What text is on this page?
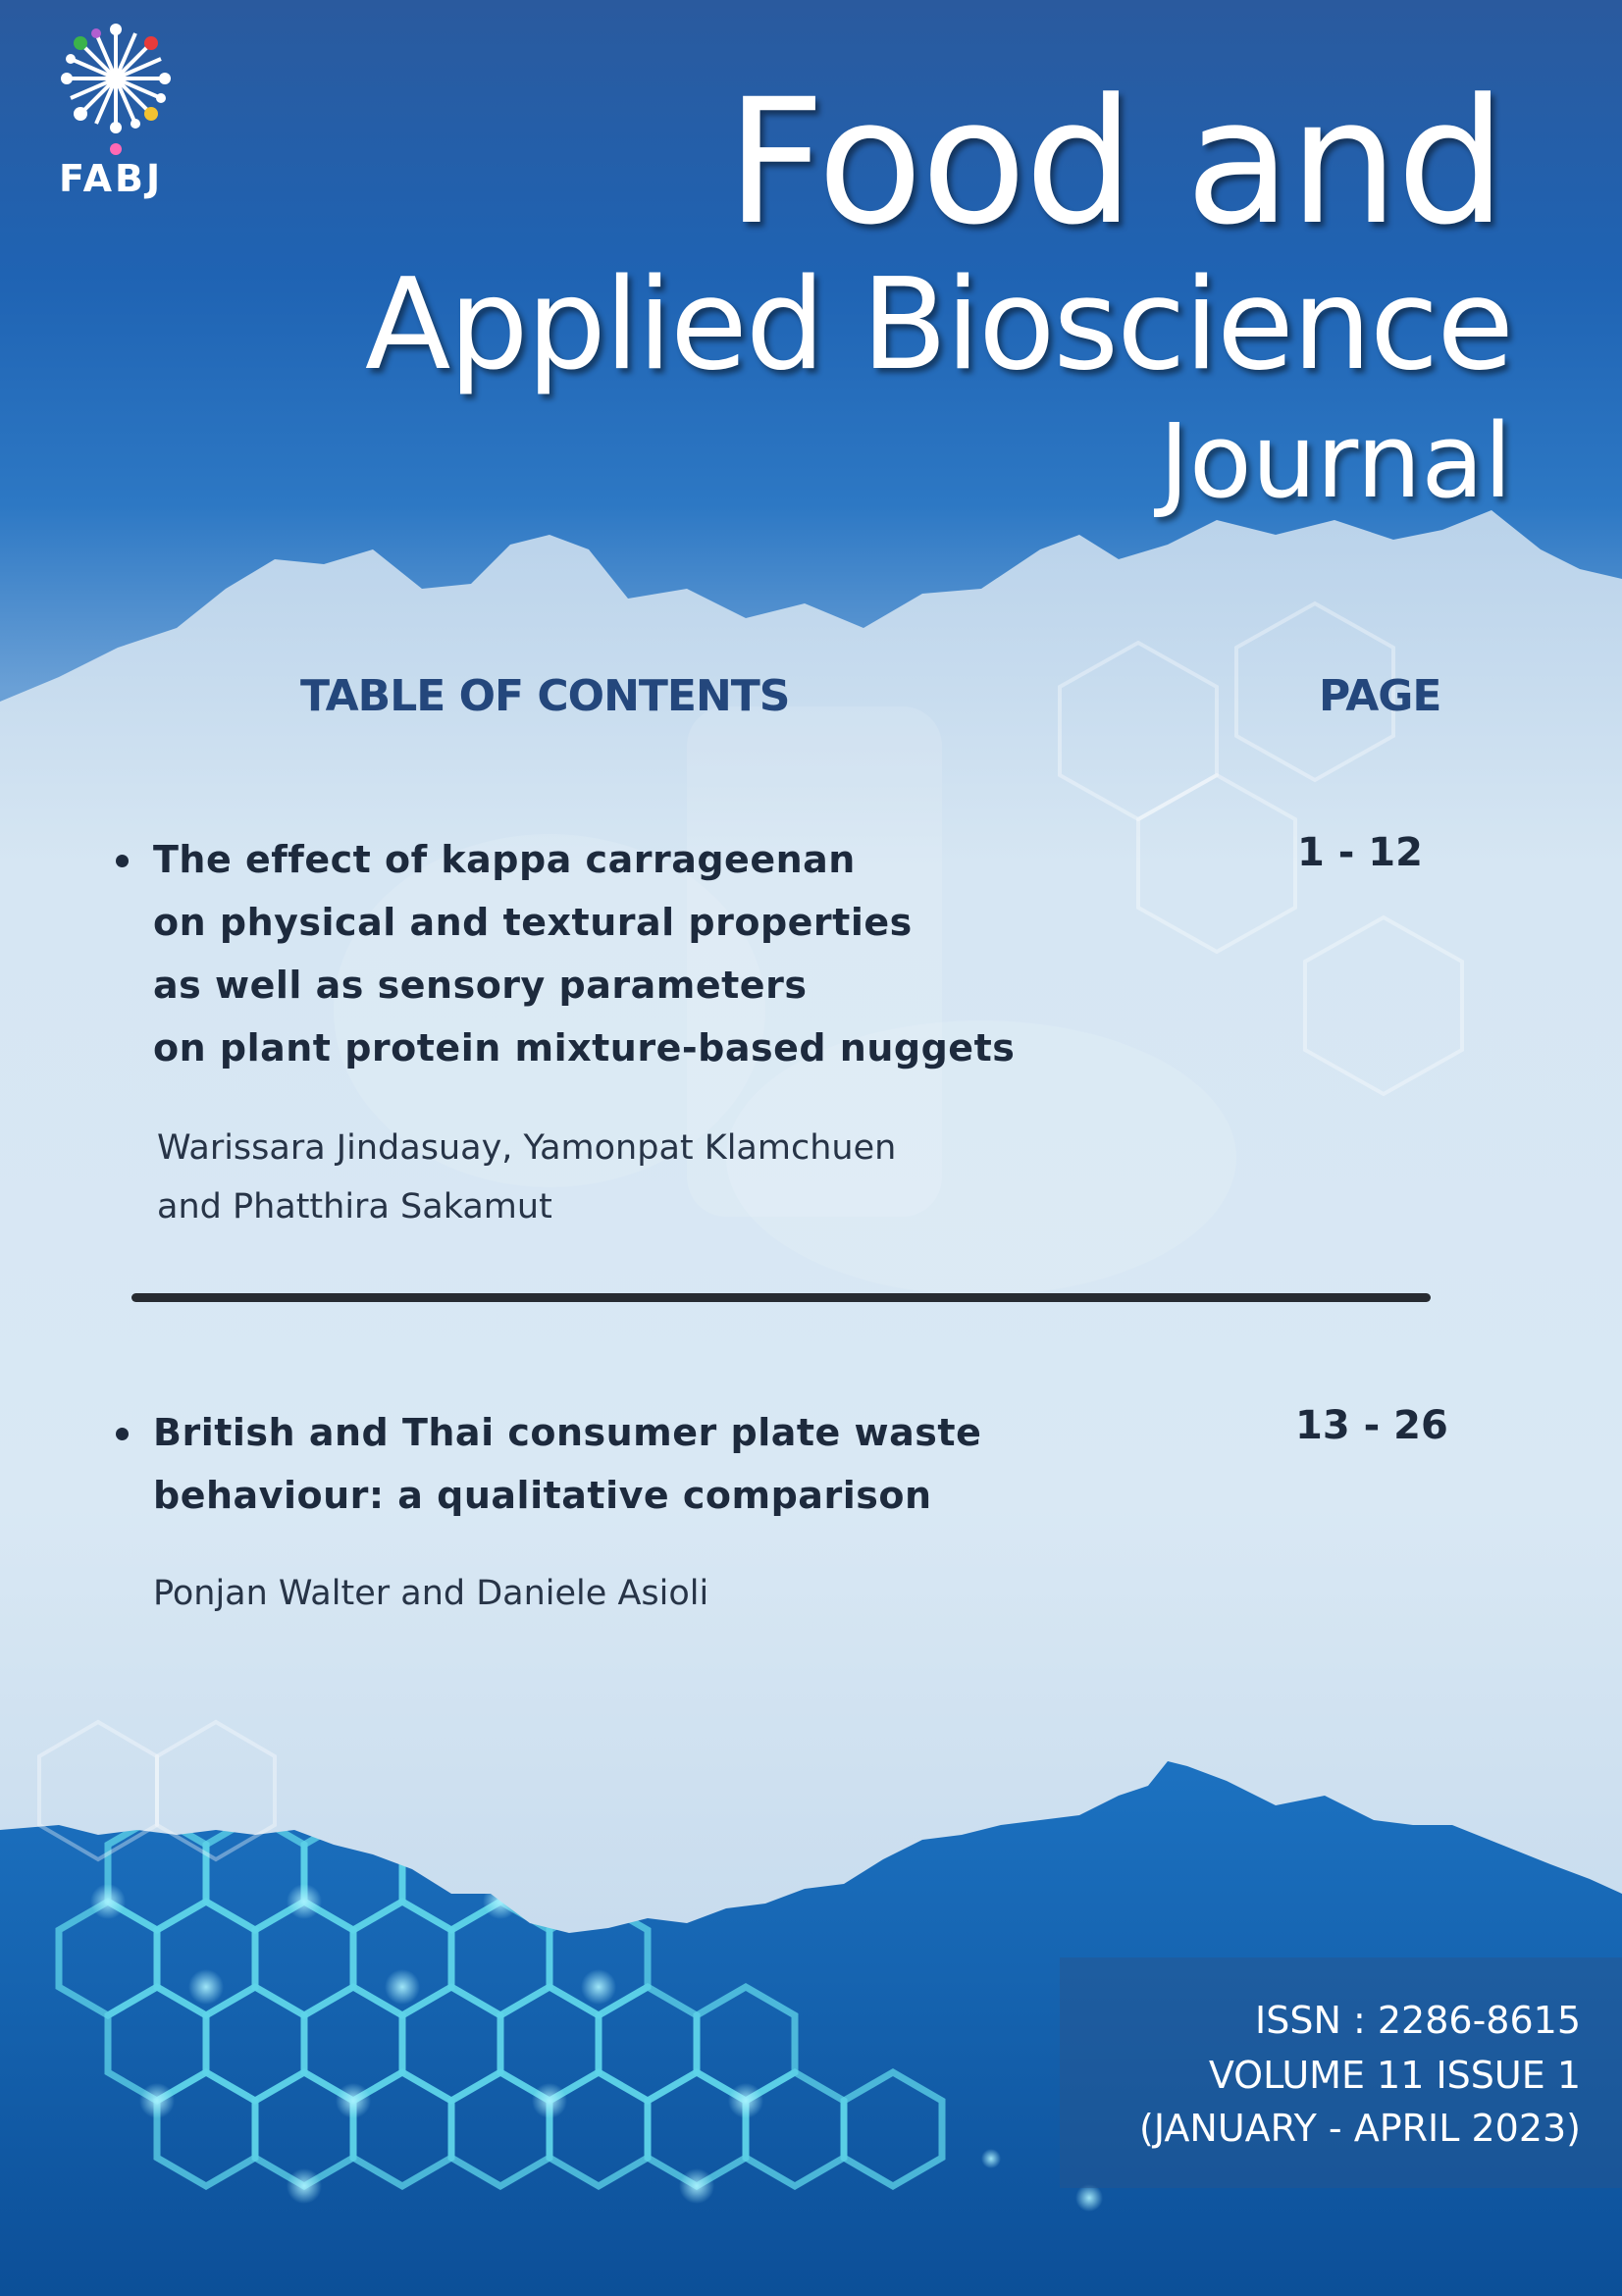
FABJ	Food and
Applied Bioscience
Journal
TABLE OF CONTENTS	PAGE
The effect of kappa carrageenan
on physical and textural properties
as well as sensory parameters
on plant protein mixture-based nuggets
Warissara Jindasuay, Yamonpat Klamchuen
and Phatthira Sakamut
1 - 12
British and Thai consumer plate waste
behaviour: a qualitative comparison
Ponjan Walter and Daniele Asioli
13 - 26
ISSN : 2286-8615
VOLUME 11 ISSUE 1
(JANUARY - APRIL 2023)
